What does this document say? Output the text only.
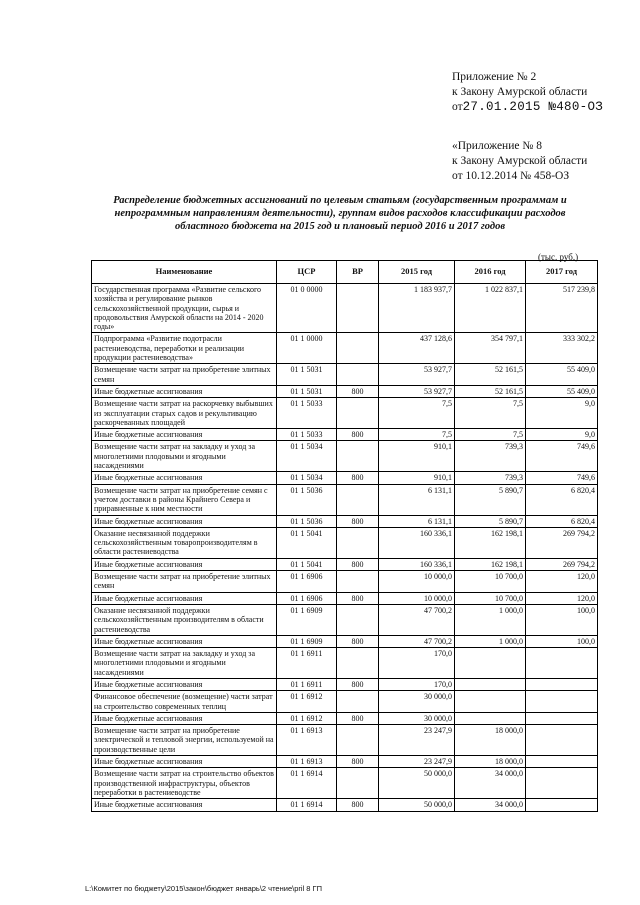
Приложение № 2
к Закону Амурской области
от27.01.2015 №480-ОЗ
«Приложение № 8
к Закону Амурской области
от 10.12.2014 № 458-ОЗ
Распределение бюджетных ассигнований по целевым статьям (государственным программам и непрограммным направлениям деятельности), группам видов расходов классификации расходов областного бюджета на 2015 год и плановый период 2016 и 2017 годов
(тыс. руб.)
Наименование	ЦСР	ВР	2015 год	2016 год	2017 год
Государственная программа «Развитие сельского хозяйства и регулирование рынков сельскохозяйственной продукции, сырья и продовольствия Амурской области на 2014 - 2020 годы»	01 0 0000		1 183 937,7	1 022 837,1	517 239,8
Подпрограмма «Развитие подотрасли растениеводства, переработки и реализации продукции растениеводства»	01 1 0000		437 128,6	354 797,1	333 302,2
Возмещение части затрат на приобретение элитных семян	01 1 5031		53 927,7	52 161,5	55 409,0
Иные бюджетные ассигнования	01 1 5031	800	53 927,7	52 161,5	55 409,0
Возмещение части затрат на раскорчевку выбывших из эксплуатации старых садов и рекультивацию раскорчеванных площадей	01 1 5033		7,5	7,5	9,0
Иные бюджетные ассигнования	01 1 5033	800	7,5	7,5	9,0
Возмещение части затрат на закладку и уход за многолетними плодовыми и ягодными насаждениями	01 1 5034		910,1	739,3	749,6
Иные бюджетные ассигнования	01 1 5034	800	910,1	739,3	749,6
Возмещение части затрат на приобретение семян с учетом доставки в районы Крайнего Севера и приравненные к ним местности	01 1 5036		6 131,1	5 890,7	6 820,4
Иные бюджетные ассигнования	01 1 5036	800	6 131,1	5 890,7	6 820,4
Оказание несвязанной поддержки сельскохозяйственным товаропроизводителям в области растениеводства	01 1 5041		160 336,1	162 198,1	269 794,2
Иные бюджетные ассигнования	01 1 5041	800	160 336,1	162 198,1	269 794,2
Возмещение части затрат на приобретение элитных семян	01 1 6906		10 000,0	10 700,0	120,0
Иные бюджетные ассигнования	01 1 6906	800	10 000,0	10 700,0	120,0
Оказание несвязанной поддержки сельскохозяйственным производителям в области растениеводства	01 1 6909		47 700,2	1 000,0	100,0
Иные бюджетные ассигнования	01 1 6909	800	47 700,2	1 000,0	100,0
Возмещение части затрат на закладку и уход за многолетними плодовыми и ягодными насаждениями	01 1 6911		170,0		
Иные бюджетные ассигнования	01 1 6911	800	170,0		
Финансовое обеспечение (возмещение) части затрат на строительство современных теплиц	01 1 6912		30 000,0		
Иные бюджетные ассигнования	01 1 6912	800	30 000,0		
Возмещение части затрат на приобретение электрической и тепловой энергии, используемой на производственные цели	01 1 6913		23 247,9	18 000,0	
Иные бюджетные ассигнования	01 1 6913	800	23 247,9	18 000,0	
Возмещение части затрат на строительство объектов производственной инфраструктуры, объектов переработки в растениеводстве	01 1 6914		50 000,0	34 000,0	
Иные бюджетные ассигнования	01 1 6914	800	50 000,0	34 000,0	
L:\Комитет по бюджету\2015\закон\бюджет январь\2 чтение\pril 8 ГП
